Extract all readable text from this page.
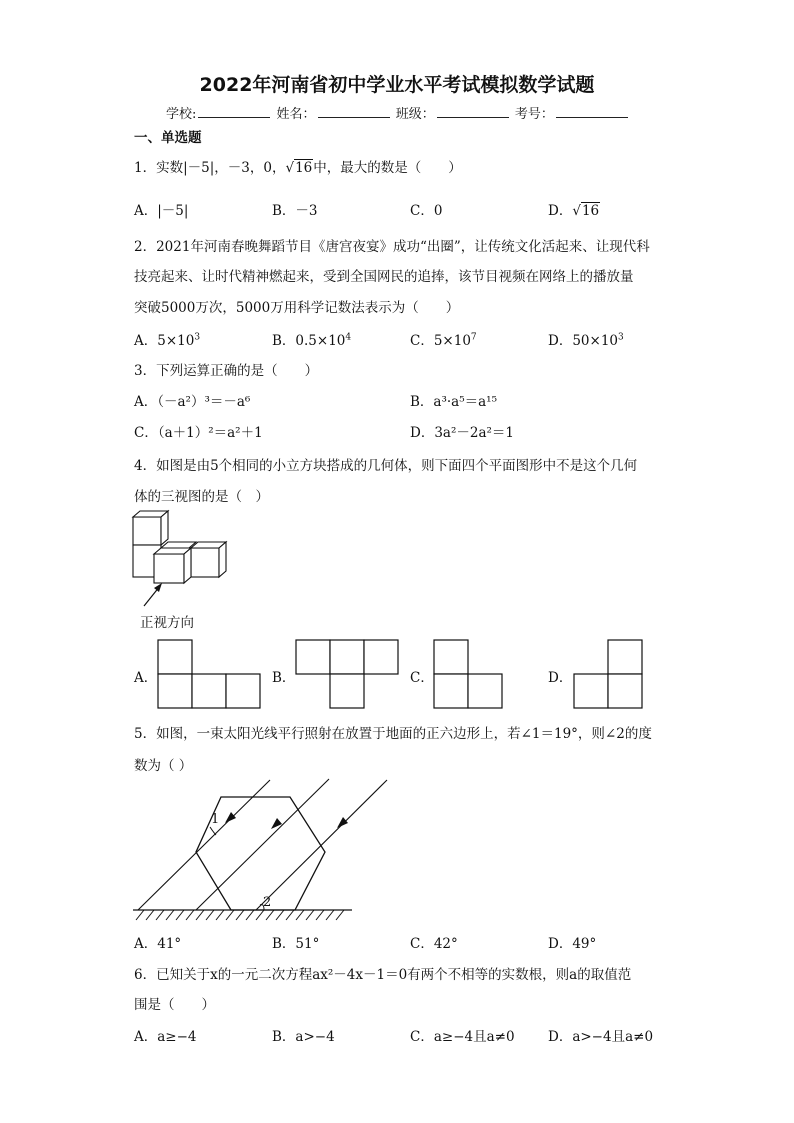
2022年河南省初中学业水平考试模拟数学试题
学校:	姓名：	班级：	考号：
一、单选题
1．实数|－5|，－3，0，√16中，最大的数是（　　）
A．|－5|	B．－3	C．0	D．√16
2．2021年河南春晚舞蹈节目《唐宫夜宴》成功“出圈”，让传统文化活起来、让现代科
技亮起来、让时代精神燃起来，受到全国网民的追捧，该节目视频在网络上的播放量
突破5000万次，5000万用科学记数法表示为（　　）
A．$5\times 10^3$	B．$0.5\times 10^4$	C．$5\times 10^7$	D．$50\times 10^3$
3．下列运算正确的是（　　）
A．（－a²）³＝－a⁶	B．a³·a⁵＝a¹⁵
C．（a＋1）²＝a²＋1	D．3a²－2a²＝1
4．如图是由5个相同的小立方块搭成的几何体，则下面四个平面图形中不是这个几何
体的三视图的是（　）
正视方向
A．	B．	C．	D．
5．如图，一束太阳光线平行照射在放置于地面的正六边形上，若∠1＝19°，则∠2的度
数为（ ）
1
2
A．41°	B．51°	C．42°	D．49°
6．已知关于x的一元二次方程ax²－4x－1＝0有两个不相等的实数根，则a的取值范
围是（　　）
A．a≥−4	B．a>−4	C．a≥−4且a≠0 D．a>−4且a≠0
